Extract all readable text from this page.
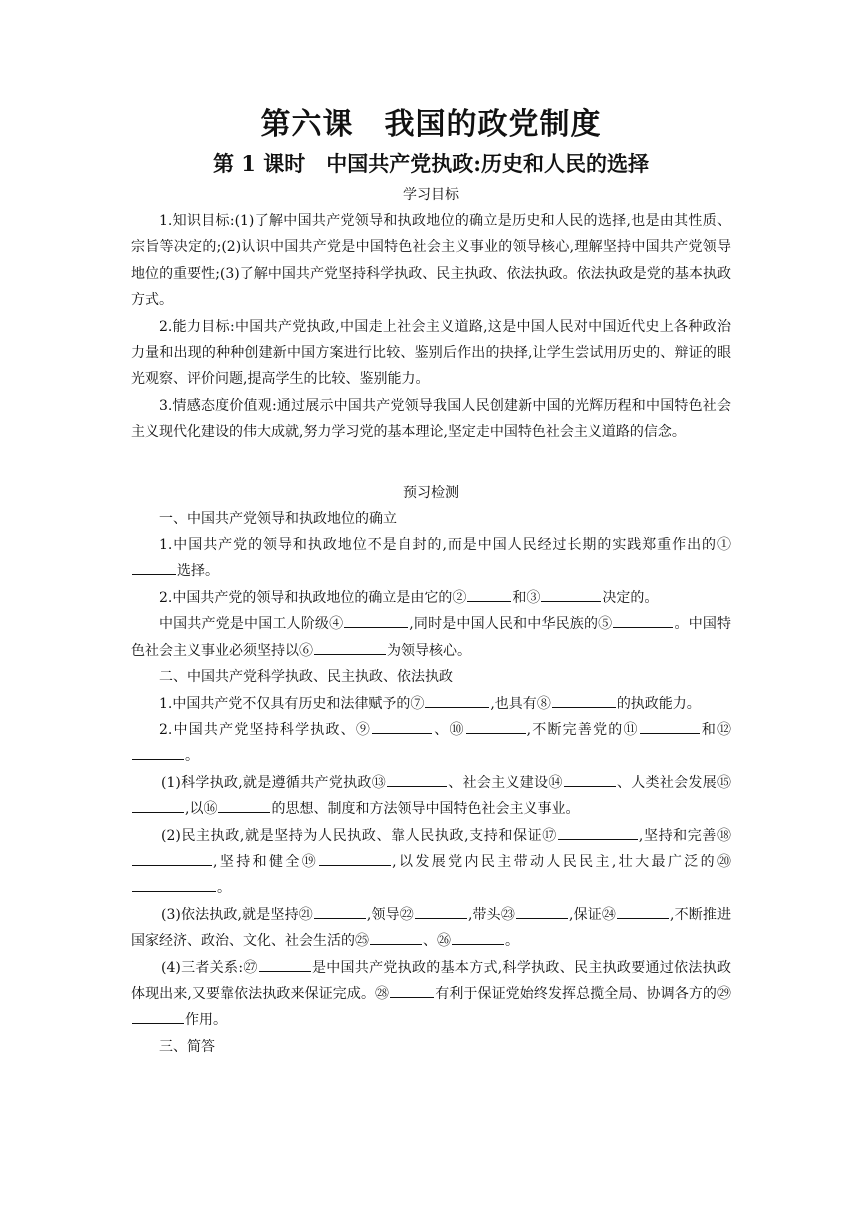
第六课　我国的政党制度
第 1 课时　中国共产党执政:历史和人民的选择
学习目标

1.知识目标:(1)了解中国共产党领导和执政地位的确立是历史和人民的选择,也是由其性质、宗旨等决定的;(2)认识中国共产党是中国特色社会主义事业的领导核心,理解坚持中国共产党领导地位的重要性;(3)了解中国共产党坚持科学执政、民主执政、依法执政。依法执政是党的基本执政方式。

2.能力目标:中国共产党执政,中国走上社会主义道路,这是中国人民对中国近代史上各种政治力量和出现的种种创建新中国方案进行比较、鉴别后作出的抉择,让学生尝试用历史的、辩证的眼光观察、评价问题,提高学生的比较、鉴别能力。

3.情感态度价值观:通过展示中国共产党领导我国人民创建新中国的光辉历程和中国特色社会主义现代化建设的伟大成就,努力学习党的基本理论,坚定走中国特色社会主义道路的信念。

预习检测

一、中国共产党领导和执政地位的确立

1.中国共产党的领导和执政地位不是自封的,而是中国人民经过长期的实践郑重作出的①选择。

2.中国共产党的领导和执政地位的确立是由它的②	和③	决定的。

中国共产党是中国工人阶级④	,同时是中国人民和中华民族的⑤	。中国特色社会主义事业必须坚持以⑥	为领导核心。

二、中国共产党科学执政、民主执政、依法执政

1.中国共产党不仅具有历史和法律赋予的⑦	,也具有⑧	的执政能力。

2.中国共产党坚持科学执政、⑨	、⑩	,不断完善党的⑪	和⑫。

(1)科学执政,就是遵循共产党执政⑬	、社会主义建设⑭	、人类社会发展⑮,以⑯	的思想、制度和方法领导中国特色社会主义事业。

(2)民主执政,就是坚持为人民执政、靠人民执政,支持和保证⑰	,坚持和完善⑱,坚持和健全⑲	,以发展党内民主带动人民民主,壮大最广泛的⑳。

(3)依法执政,就是坚持㉑	,领导㉒	,带头㉓	,保证㉔	,不断推进国家经济、政治、文化、社会生活的㉕	、㉖	。

(4)三者关系:㉗	是中国共产党执政的基本方式,科学执政、民主执政要通过依法执政体现出来,又要靠依法执政来保证完成。㉘	有利于保证党始终发挥总揽全局、协调各方的㉙作用。

三、简答
